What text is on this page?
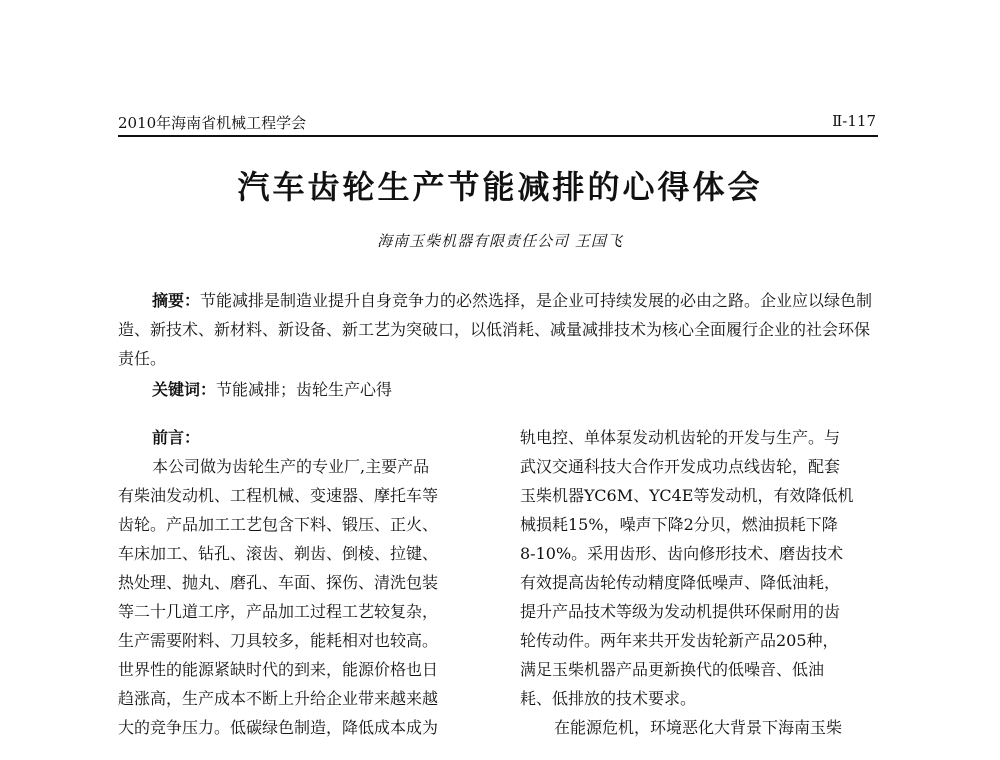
2010年海南省机械工程学会	Ⅱ-117
汽车齿轮生产节能减排的心得体会
海南玉柴机器有限责任公司 王国飞

摘要：节能减排是制造业提升自身竞争力的必然选择，是企业可持续发展的必由之路。企业应以绿色制造、新技术、新材料、新设备、新工艺为突破口，以低消耗、减量减排技术为核心全面履行企业的社会环保责任。

关键词：节能减排；齿轮生产心得

前言：
本公司做为齿轮生产的专业厂,主要产品
有柴油发动机、工程机械、变速器、摩托车等
齿轮。产品加工工艺包含下料、锻压、正火、
车床加工、钻孔、滚齿、剃齿、倒棱、拉键、
热处理、抛丸、磨孔、车面、探伤、清洗包装
等二十几道工序，产品加工过程工艺较复杂，
生产需要附料、刀具较多，能耗相对也较高。
世界性的能源紧缺时代的到来，能源价格也日
趋涨高，生产成本不断上升给企业带来越来越
大的竞争压力。低碳绿色制造，降低成本成为
轨电控、单体泵发动机齿轮的开发与生产。与
武汉交通科技大合作开发成功点线齿轮，配套
玉柴机器YC6M、YC4E等发动机，有效降低机
械损耗15%，噪声下降2分贝，燃油损耗下降
8-10%。采用齿形、齿向修形技术、磨齿技术
有效提高齿轮传动精度降低噪声、降低油耗，
提升产品技术等级为发动机提供环保耐用的齿
轮传动件。两年来共开发齿轮新产品205种，
满足玉柴机器产品更新换代的低噪音、低油
耗、低排放的技术要求。
在能源危机，环境恶化大背景下海南玉柴
